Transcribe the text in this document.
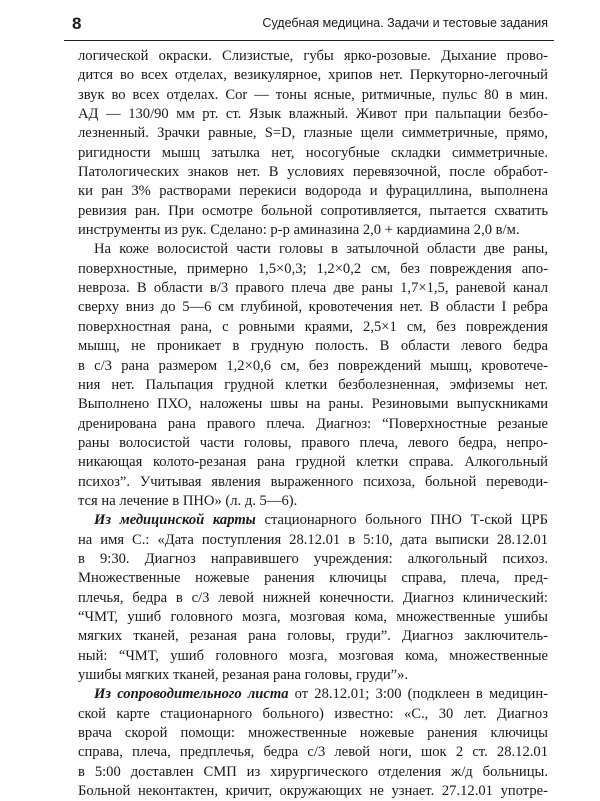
8	Судебная медицина. Задачи и тестовые задания

логической окраски. Слизистые, губы ярко-розовые. Дыхание прово-
дится во всех отделах, везикулярное, хрипов нет. Перкуторно-легочный
звук во всех отделах. Cor — тоны ясные, ритмичные, пульс 80 в мин.
АД — 130/90 мм рт. ст. Язык влажный. Живот при пальпации безбо-
лезненный. Зрачки равные, S=D, глазные щели симметричные, прямо,
ригидности мышц затылка нет, носогубные складки симметричные.
Патологических знаков нет. В условиях перевязочной, после обработ-
ки ран 3% растворами перекиси водорода и фурациллина, выполнена
ревизия ран. При осмотре больной сопротивляется, пытается схватить
инструменты из рук. Сделано: р-р аминазина 2,0 + кардиамина 2,0 в/м.

На коже волосистой части головы в затылочной области две раны,
поверхностные, примерно 1,5×0,3; 1,2×0,2 см, без повреждения апо-
невроза. В области в/3 правого плеча две раны 1,7×1,5, раневой канал
сверху вниз до 5—6 см глубиной, кровотечения нет. В области I ребра
поверхностная рана, с ровными краями, 2,5×1 см, без повреждения
мышц, не проникает в грудную полость. В области левого бедра
в с/3 рана размером 1,2×0,6 см, без повреждений мышц, кровотече-
ния нет. Пальпация грудной клетки безболезненная, эмфиземы нет.
Выполнено ПХО, наложены швы на раны. Резиновыми выпускниками
дренирована рана правого плеча. Диагноз: “Поверхностные резаные
раны волосистой части головы, правого плеча, левого бедра, непро-
никающая колото-резаная рана грудной клетки справа. Алкогольный
психоз”. Учитывая явления выраженного психоза, больной переводи-
тся на лечение в ПНО» (л. д. 5—6).

Из медицинской карты стационарного больного ПНО Т-ской ЦРБ
на имя С.: «Дата поступления 28.12.01 в 5:10, дата выписки 28.12.01
в 9:30. Диагноз направившего учреждения: алкогольный психоз.
Множественные ножевые ранения ключицы справа, плеча, пред-
плечья, бедра в с/3 левой нижней конечности. Диагноз клинический:
“ЧМТ, ушиб головного мозга, мозговая кома, множественные ушибы
мягких тканей, резаная рана головы, груди”. Диагноз заключитель-
ный: “ЧМТ, ушиб головного мозга, мозговая кома, множественные
ушибы мягких тканей, резаная рана головы, груди”».

Из сопроводительного листа от 28.12.01; 3:00 (подклеен в медицин-
ской карте стационарного больного) известно: «С., 30 лет. Диагноз
врача скорой помощи: множественные ножевые ранения ключицы
справа, плеча, предплечья, бедра с/3 левой ноги, шок 2 ст. 28.12.01
в 5:00 доставлен СМП из хирургического отделения ж/д больницы.
Больной неконтактен, кричит, окружающих не узнает. 27.12.01 употре-
